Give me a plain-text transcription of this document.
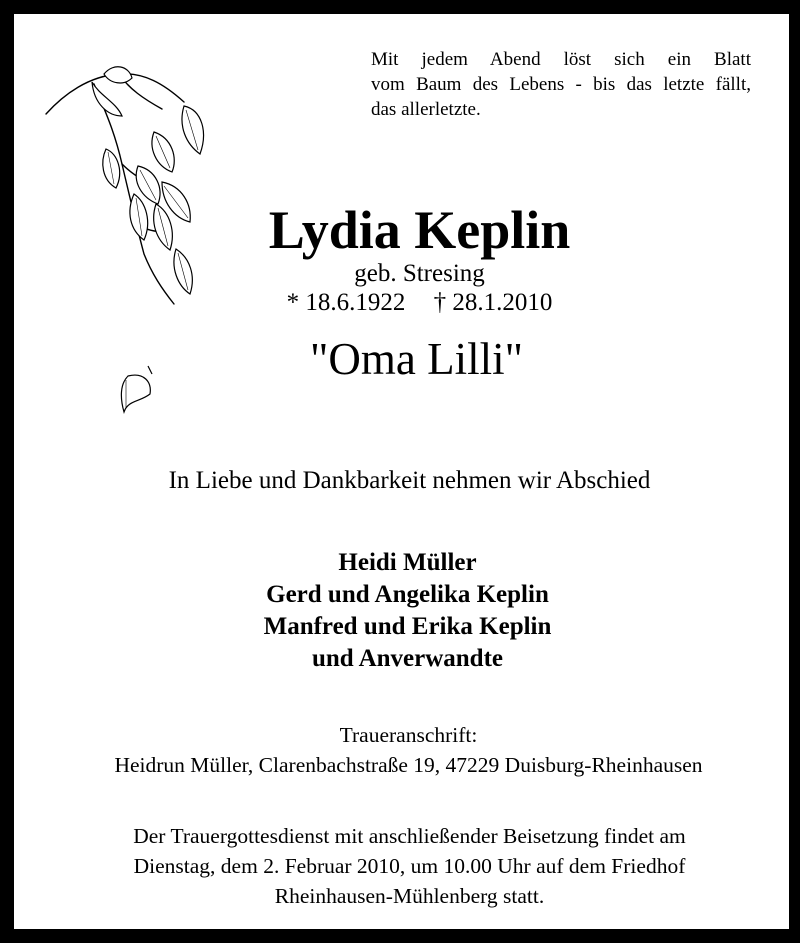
Mit jedem Abend löst sich ein Blatt
vom Baum des Lebens - bis das letzte fällt,
das allerletzte.
Lydia Keplin
geb. Stresing
* 18.6.1922 † 28.1.2010
"Oma Lilli"
In Liebe und Dankbarkeit nehmen wir Abschied
Heidi Müller
Gerd und Angelika Keplin
Manfred und Erika Keplin
und Anverwandte
Traueranschrift:
Heidrun Müller, Clarenbachstraße 19, 47229 Duisburg-Rheinhausen
Der Trauergottesdienst mit anschließender Beisetzung findet am
Dienstag, dem 2. Februar 2010, um 10.00 Uhr auf dem Friedhof
Rheinhausen-Mühlenberg statt.
